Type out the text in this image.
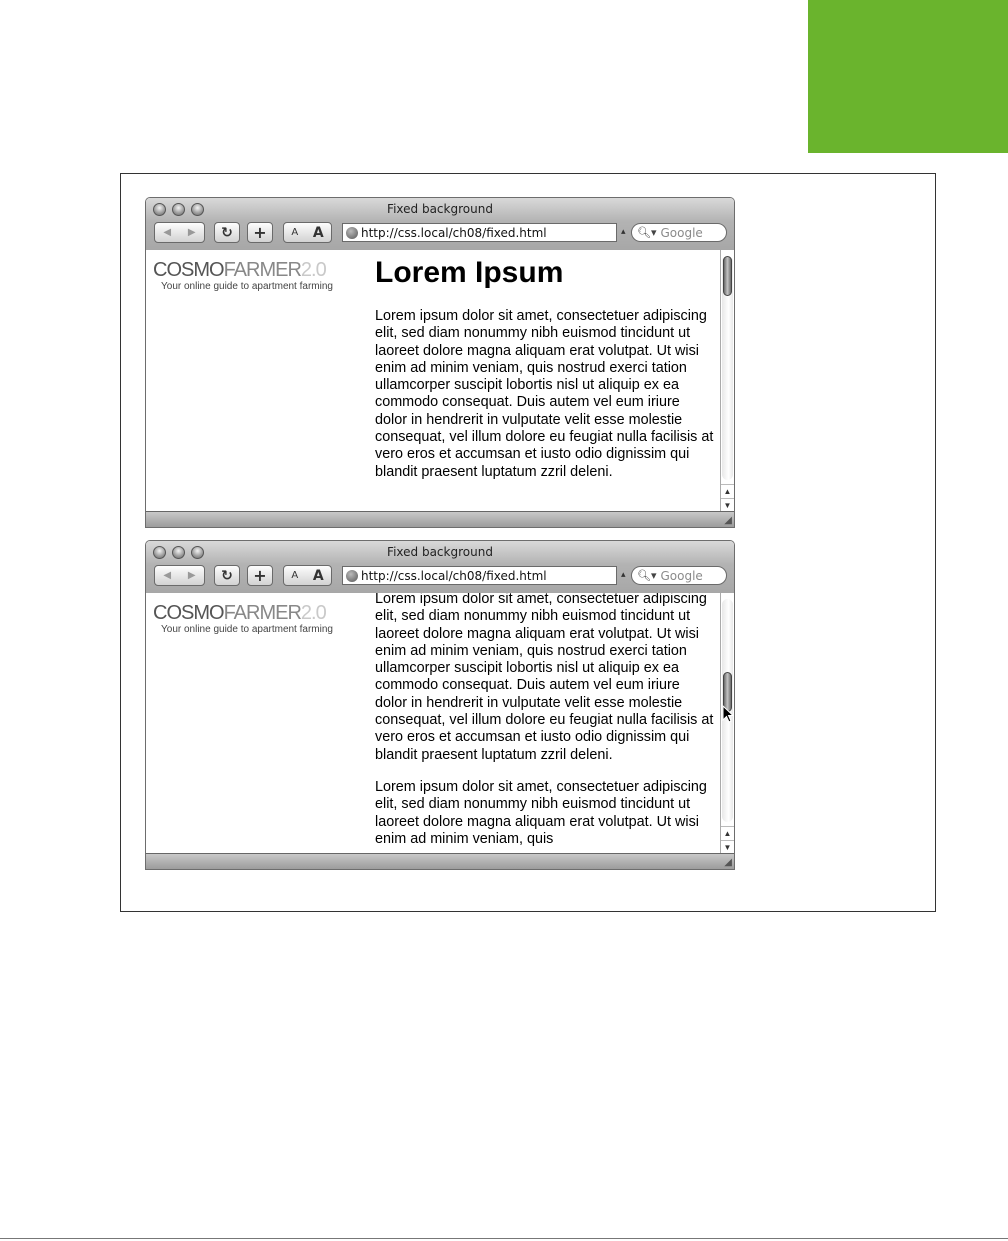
Fixed background
◀ ▶ ↻ + A A	http://css.local/ch08/fixed.html	▴ 🔍︎▾ Google
COSMOFARMER2.0
Your online guide to apartment farming	Lorem Ipsum

Lorem ipsum dolor sit amet, consectetuer adipiscing elit, sed diam nonummy nibh euismod tincidunt ut laoreet dolore magna aliquam erat volutpat. Ut wisi enim ad minim veniam, quis nostrud exerci tation ullamcorper suscipit lobortis nisl ut aliquip ex ea commodo consequat. Duis autem vel eum iriure dolor in hendrerit in vulputate velit esse molestie consequat, vel illum dolore eu feugiat nulla facilisis at vero eros et accumsan et iusto odio dignissim qui blandit praesent luptatum zzril deleni.

▲
▼
◢
Fixed background
◀ ▶ ↻ + A A	http://css.local/ch08/fixed.html	▴ 🔍︎▾ Google
COSMOFARMER2.0
Your online guide to apartment farming

Lorem ipsum dolor sit amet, consectetuer adipiscing elit, sed diam nonummy nibh euismod tincidunt ut laoreet dolore magna aliquam erat volutpat. Ut wisi enim ad minim veniam, quis nostrud exerci tation ullamcorper suscipit lobortis nisl ut aliquip ex ea commodo consequat. Duis autem vel eum iriure dolor in hendrerit in vulputate velit esse molestie consequat, vel illum dolore eu feugiat nulla facilisis at vero eros et accumsan et iusto odio dignissim qui blandit praesent luptatum zzril deleni.

Lorem ipsum dolor sit amet, consectetuer adipiscing elit, sed diam nonummy nibh euismod tincidunt ut laoreet dolore magna aliquam erat volutpat. Ut wisi enim ad minim veniam, quis	▲
▼
◢
